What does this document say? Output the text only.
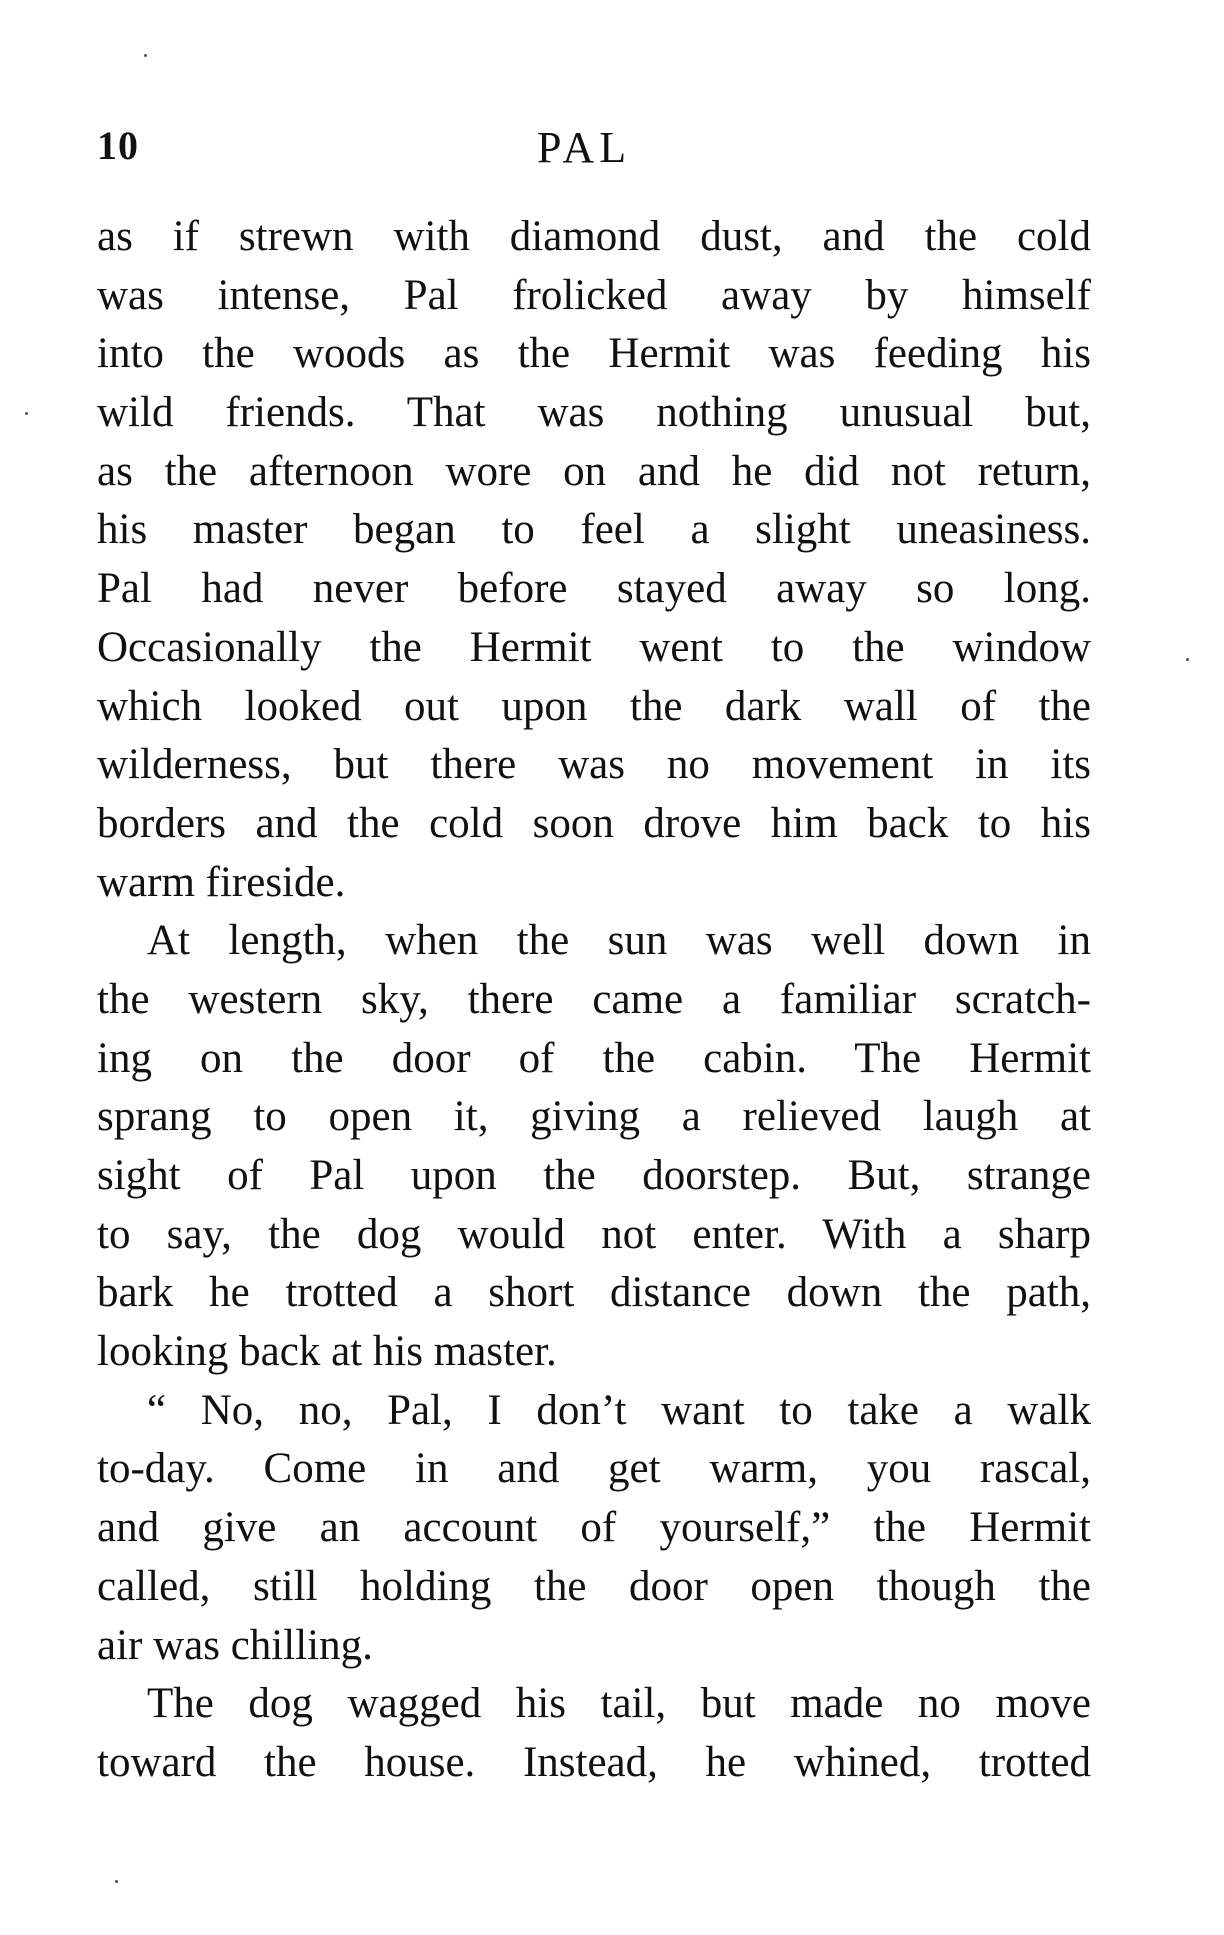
10	PAL
as if strewn with diamond dust, and the cold
was intense, Pal frolicked away by himself
into the woods as the Hermit was feeding his
wild friends. That was nothing unusual but,
as the afternoon wore on and he did not return,
his master began to feel a slight uneasiness.
Pal had never before stayed away so long.
Occasionally the Hermit went to the window
which looked out upon the dark wall of the
wilderness, but there was no movement in its
borders and the cold soon drove him back to his
warm fireside.
At length, when the sun was well down in
the western sky, there came a familiar scratch-
ing on the door of the cabin. The Hermit
sprang to open it, giving a relieved laugh at
sight of Pal upon the doorstep. But, strange
to say, the dog would not enter. With a sharp
bark he trotted a short distance down the path,
looking back at his master.
“ No, no, Pal, I don’t want to take a walk
to-day. Come in and get warm, you rascal,
and give an account of yourself,” the Hermit
called, still holding the door open though the
air was chilling.
The dog wagged his tail, but made no move
toward the house. Instead, he whined, trotted
